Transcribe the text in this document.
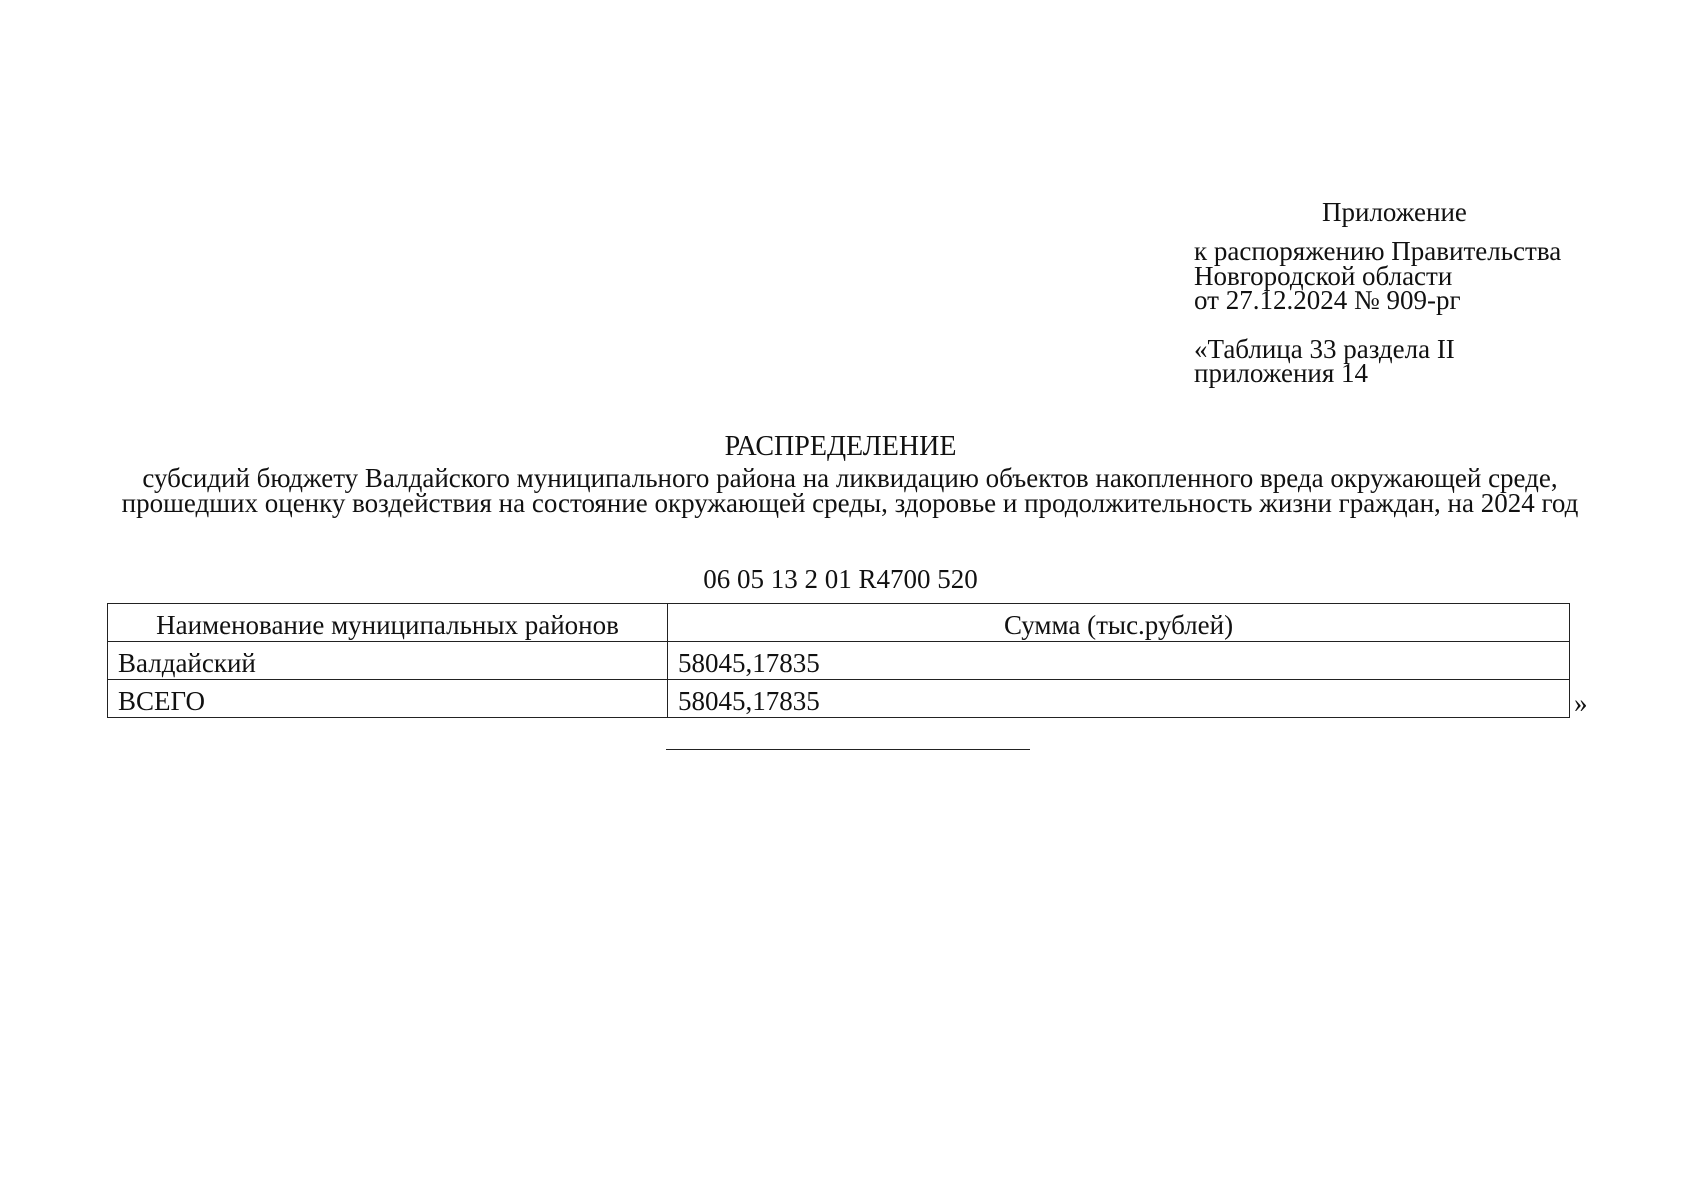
Приложение
к распоряжению Правительства
Новгородской области
от 27.12.2024 № 909-рг
«Таблица 33 раздела II
приложения 14
РАСПРЕДЕЛЕНИЕ
субсидий бюджету Валдайского муниципального района на ликвидацию объектов накопленного вреда окружающей среде, прошедших оценку воздействия на состояние окружающей среды, здоровье и продолжительность жизни граждан, на 2024 год
06 05 13 2 01 R4700 520
Наименование муниципальных районов	Сумма (тыс.рублей)
Валдайский	58045,17835
ВСЕГО	58045,17835	»
